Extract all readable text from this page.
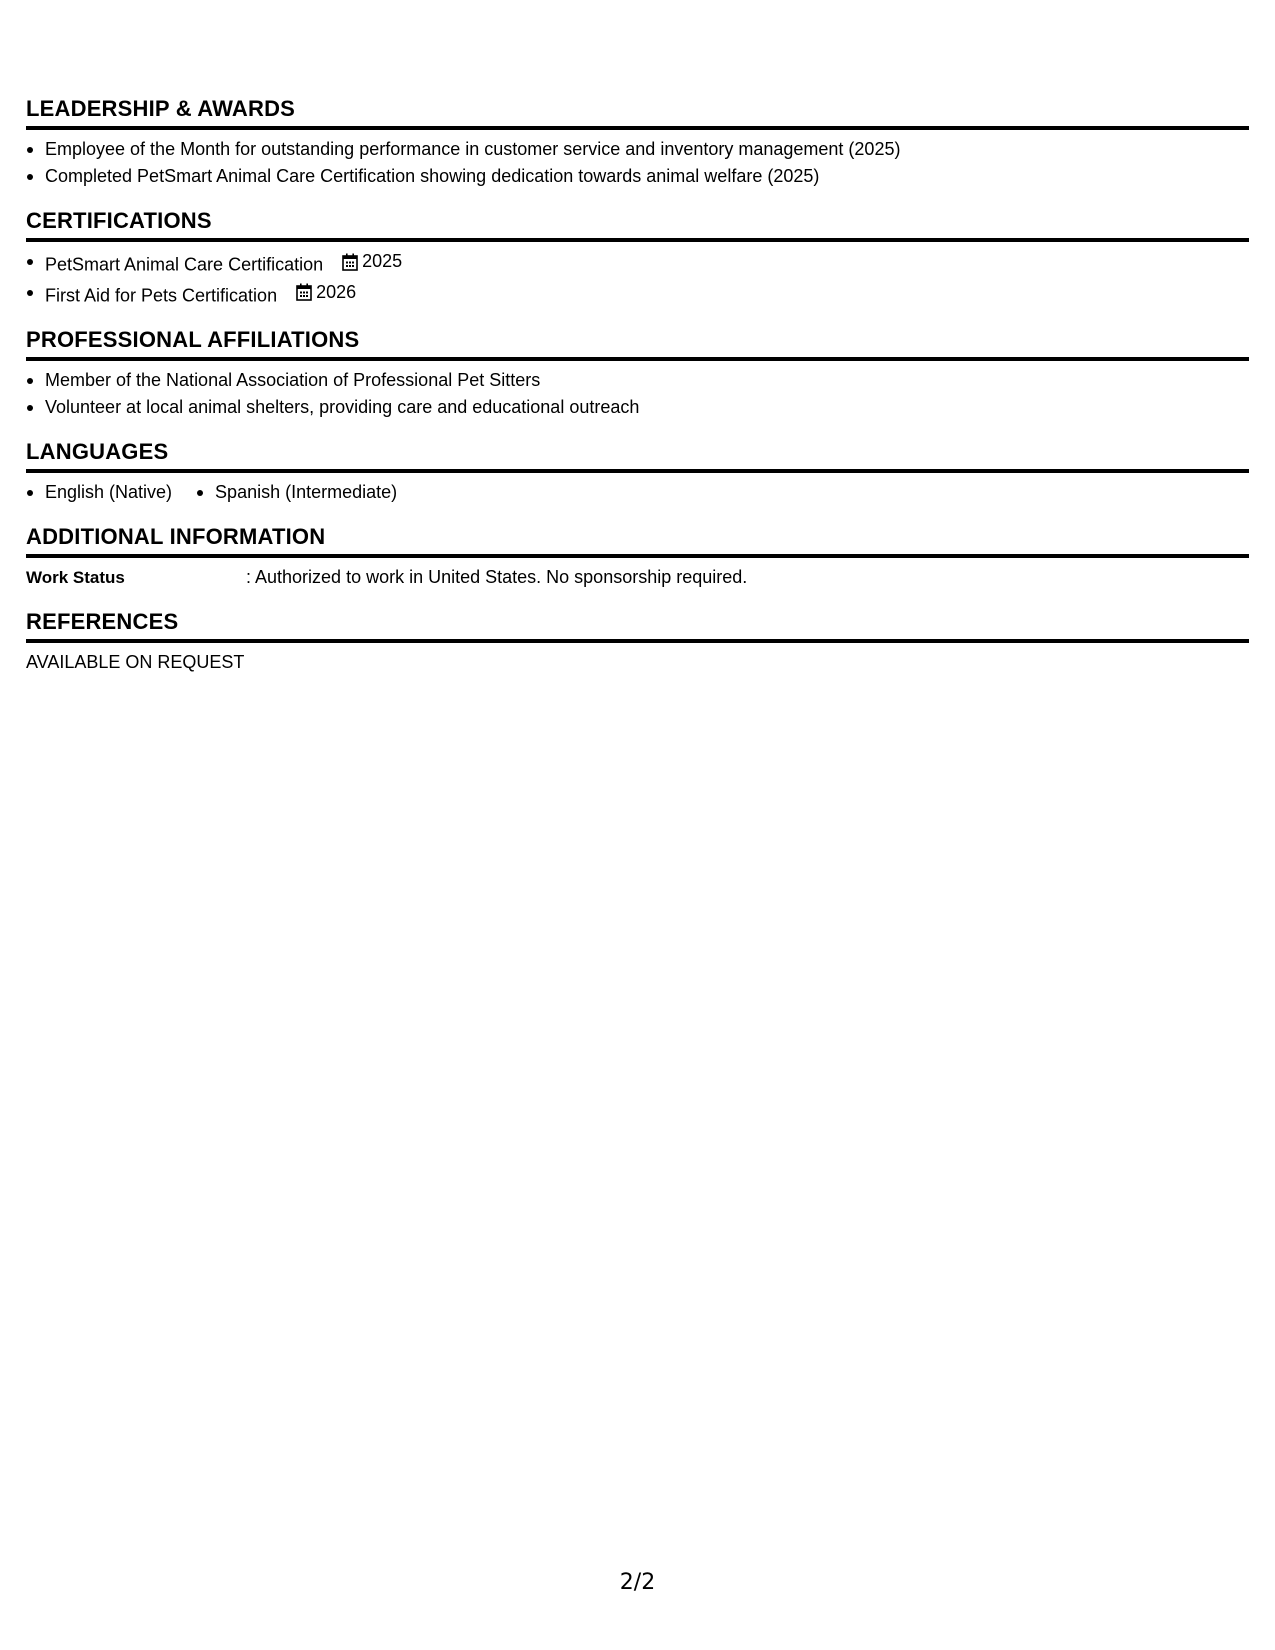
LEADERSHIP & AWARDS
Employee of the Month for outstanding performance in customer service and inventory management (2025)
Completed PetSmart Animal Care Certification showing dedication towards animal welfare (2025)
CERTIFICATIONS
PetSmart Animal Care Certification 2025
First Aid for Pets Certification 2026
PROFESSIONAL AFFILIATIONS
Member of the National Association of Professional Pet Sitters
Volunteer at local animal shelters, providing care and educational outreach
LANGUAGES
English (Native)	Spanish (Intermediate)
ADDITIONAL INFORMATION
Work Status	: Authorized to work in United States. No sponsorship required.
REFERENCES
AVAILABLE ON REQUEST
2/2
